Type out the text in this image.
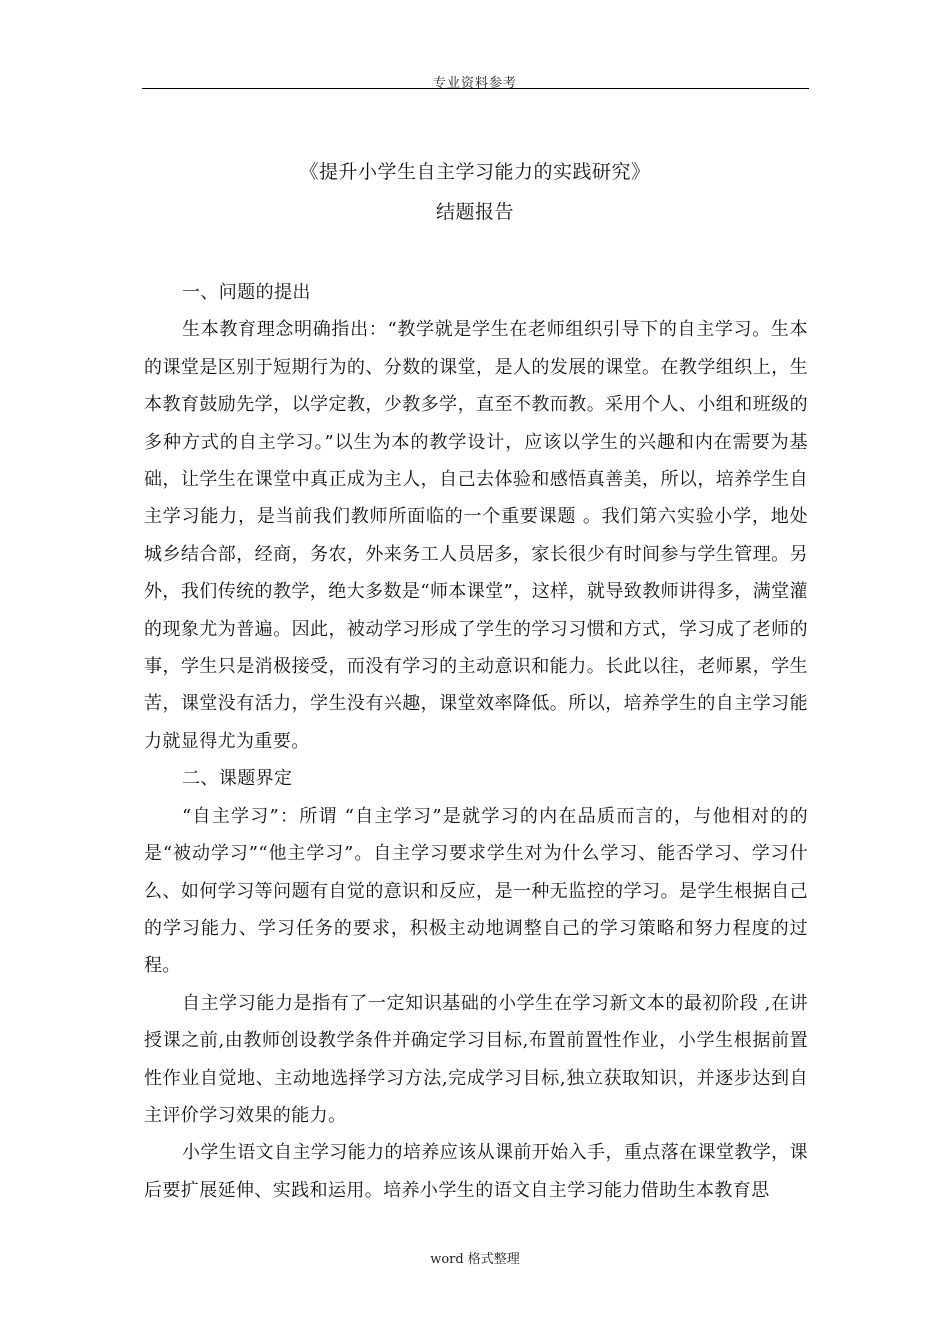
专业资料参考
《提升小学生自主学习能力的实践研究》
结题报告

一、问题的提出

生本教育理念明确指出：“教学就是学生在老师组织引导下的自主学习。生本的课堂是区别于短期行为的、分数的课堂，是人的发展的课堂。在教学组织上，生本教育鼓励先学，以学定教，少教多学，直至不教而教。采用个人、小组和班级的多种方式的自主学习。”以生为本的教学设计，应该以学生的兴趣和内在需要为基础，让学生在课堂中真正成为主人，自己去体验和感悟真善美，所以，培养学生自主学习能力，是当前我们教师所面临的一个重要课题 。我们第六实验小学，地处城乡结合部，经商，务农，外来务工人员居多，家长很少有时间参与学生管理。另外，我们传统的教学，绝大多数是“师本课堂”，这样，就导致教师讲得多，满堂灌的现象尤为普遍。因此，被动学习形成了学生的学习习惯和方式，学习成了老师的事，学生只是消极接受，而没有学习的主动意识和能力。长此以往，老师累，学生苦，课堂没有活力，学生没有兴趣，课堂效率降低。所以，培养学生的自主学习能力就显得尤为重要。

二、课题界定

“自主学习”：所谓 “自主学习”是就学习的内在品质而言的，与他相对的的是“被动学习”“他主学习”。自主学习要求学生对为什么学习、能否学习、学习什么、如何学习等问题有自觉的意识和反应，是一种无监控的学习。是学生根据自己的学习能力、学习任务的要求，积极主动地调整自己的学习策略和努力程度的过程。

自主学习能力是指有了一定知识基础的小学生在学习新文本的最初阶段 ,在讲授课之前,由教师创设教学条件并确定学习目标,布置前置性作业，小学生根据前置性作业自觉地、主动地选择学习方法,完成学习目标,独立获取知识，并逐步达到自主评价学习效果的能力。

小学生语文自主学习能力的培养应该从课前开始入手，重点落在课堂教学，课后要扩展延伸、实践和运用。培养小学生的语文自主学习能力借助生本教育思

word 格式整理
